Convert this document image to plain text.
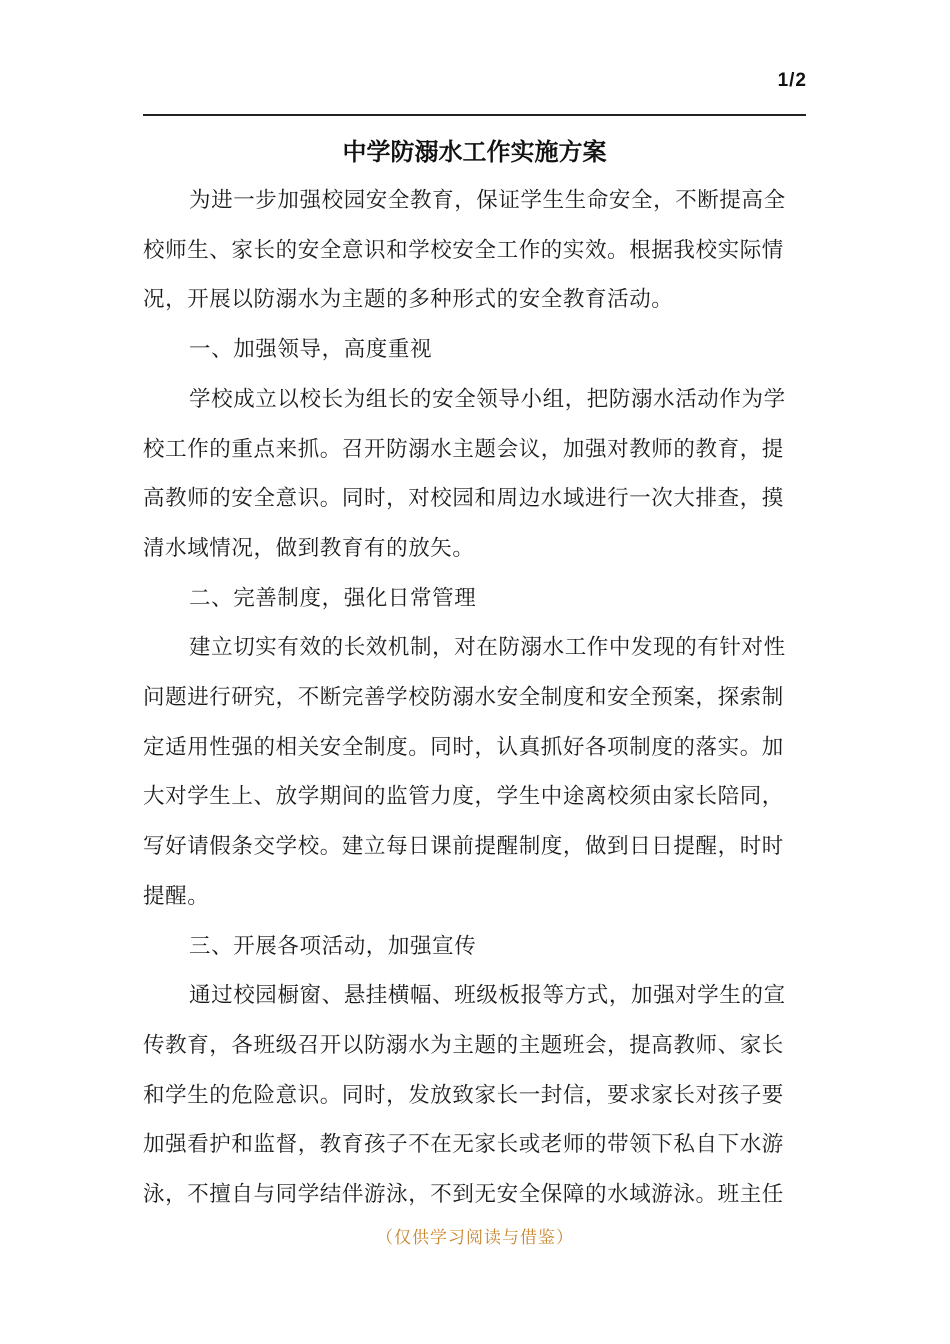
1/2
中学防溺水工作实施方案
为进一步加强校园安全教育，保证学生生命安全，不断提高全
校师生、家长的安全意识和学校安全工作的实效。根据我校实际情
况，开展以防溺水为主题的多种形式的安全教育活动。
一、加强领导，高度重视
学校成立以校长为组长的安全领导小组，把防溺水活动作为学
校工作的重点来抓。召开防溺水主题会议，加强对教师的教育，提
高教师的安全意识。同时，对校园和周边水域进行一次大排查，摸
清水域情况，做到教育有的放矢。
二、完善制度，强化日常管理
建立切实有效的长效机制，对在防溺水工作中发现的有针对性
问题进行研究，不断完善学校防溺水安全制度和安全预案，探索制
定适用性强的相关安全制度。同时，认真抓好各项制度的落实。加
大对学生上、放学期间的监管力度，学生中途离校须由家长陪同，
写好请假条交学校。建立每日课前提醒制度，做到日日提醒，时时
提醒。
三、开展各项活动，加强宣传
通过校园橱窗、悬挂横幅、班级板报等方式，加强对学生的宣
传教育，各班级召开以防溺水为主题的主题班会，提高教师、家长
和学生的危险意识。同时，发放致家长一封信，要求家长对孩子要
加强看护和监督，教育孩子不在无家长或老师的带领下私自下水游
泳，不擅自与同学结伴游泳，不到无安全保障的水域游泳。班主任
（仅供学习阅读与借鉴）
